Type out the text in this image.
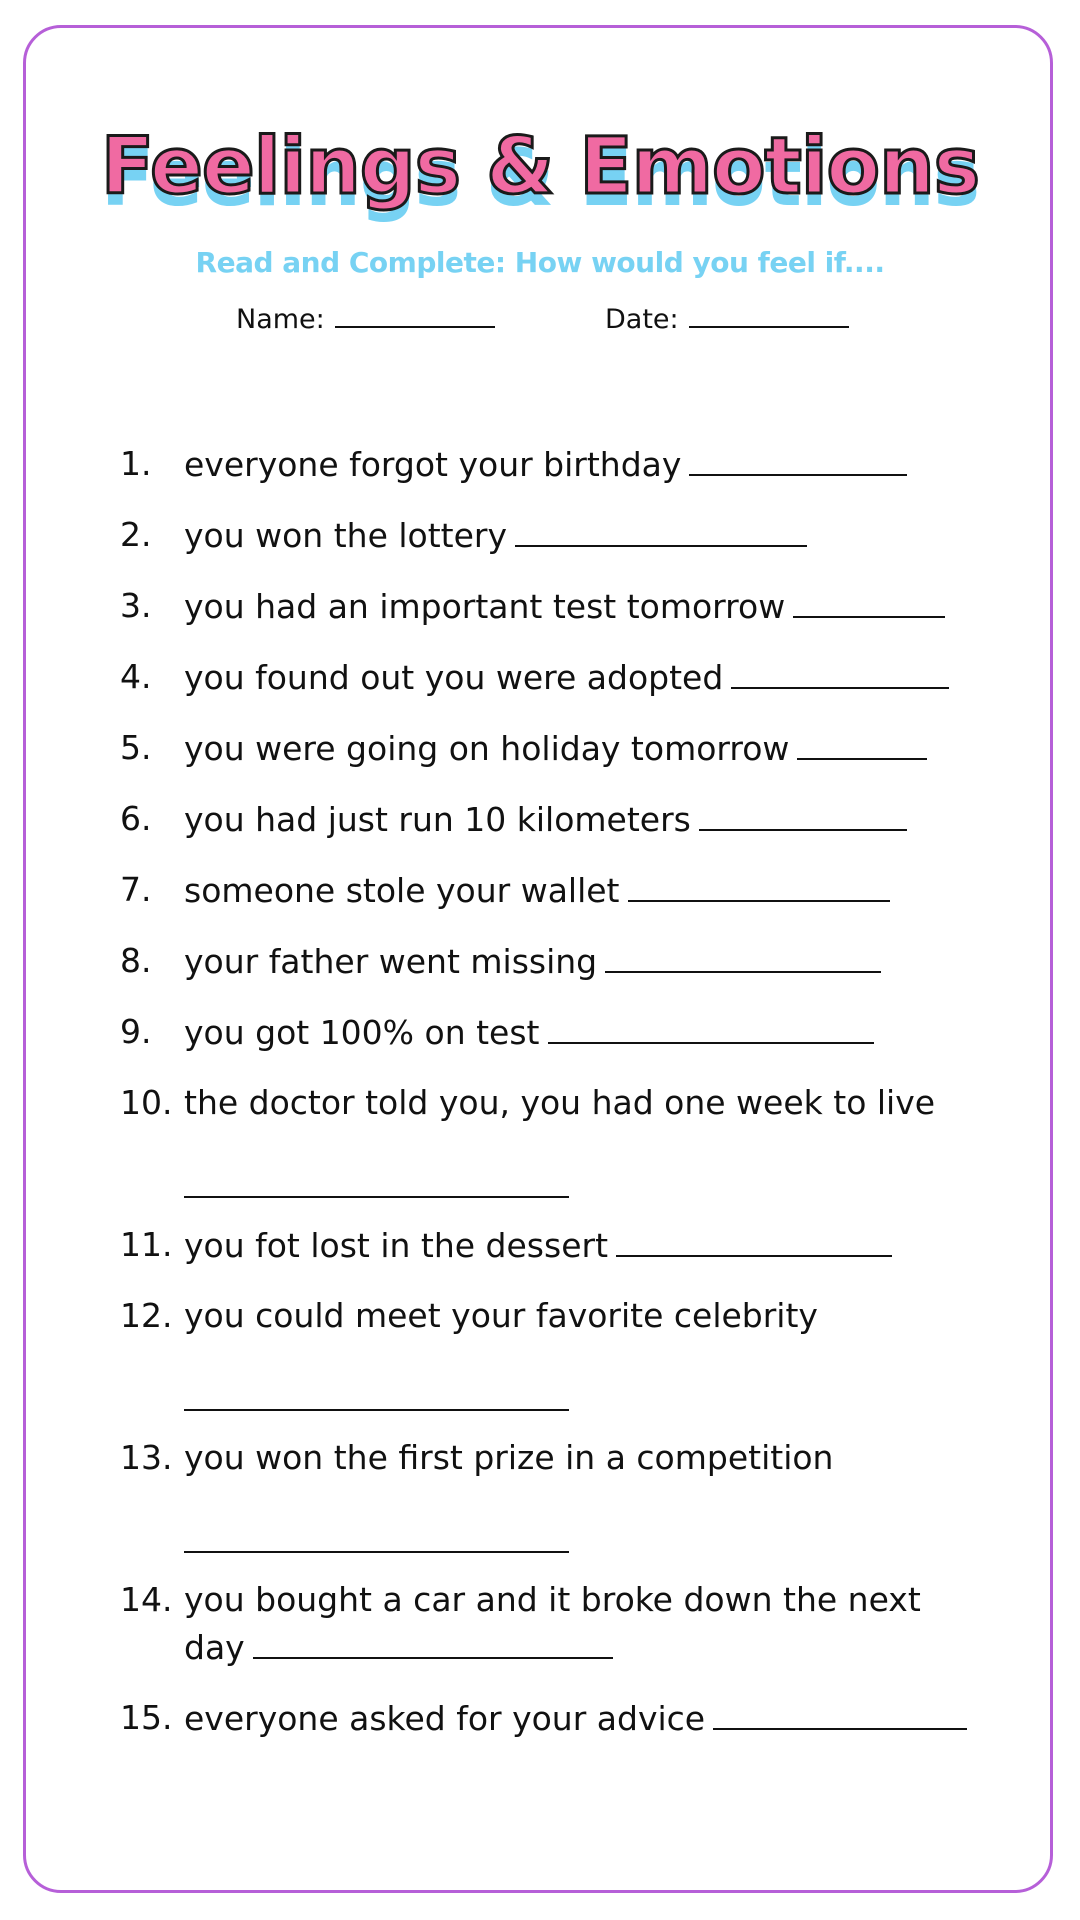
Feelings & Emotions
Read and Complete: How would you feel if....
Name:	Date:
1. everyone forgot your birthday
2. you won the lottery
3. you had an important test tomorrow
4. you found out you were adopted
5. you were going on holiday tomorrow
6. you had just run 10 kilometers
7. someone stole your wallet
8. your father went missing
9. you got 100% on test
10. the doctor told you, you had one week to live
11. you fot lost in the dessert
12. you could meet your favorite celebrity
13. you won the first prize in a competition
14. you bought a car and it broke down the next day
15. everyone asked for your advice
